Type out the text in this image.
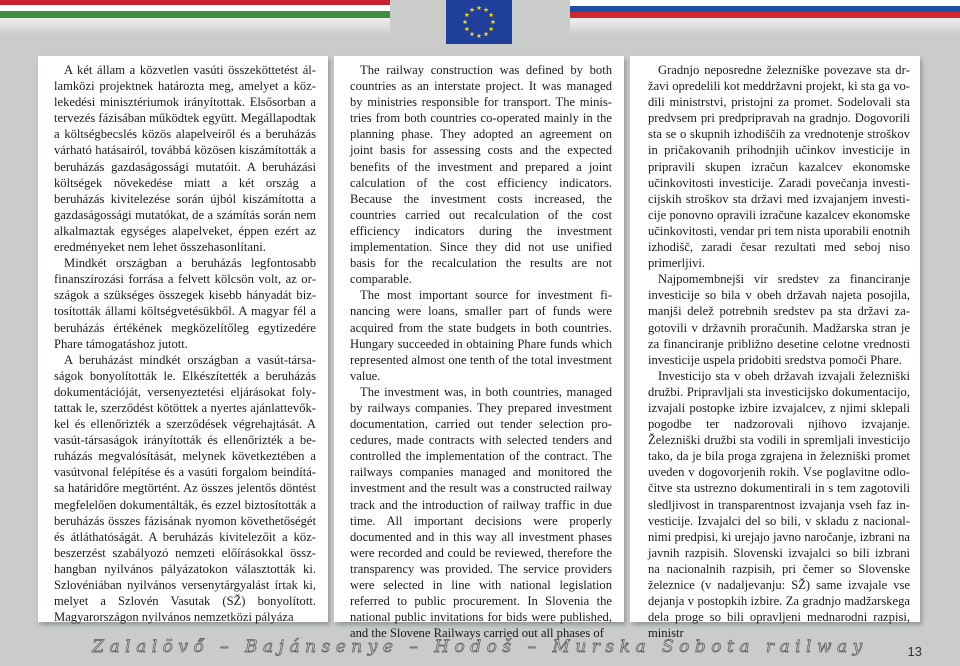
A két állam a közvetlen vasúti összeköttetést államközi projektnek határozta meg, amelyet a közlekedési minisztériumok irányítottak. Elsősorban a tervezés fázisában működtek együtt. Megállapodtak a költségbecslés közös alapelveiről és a beruházás várható hatásairól, továbbá közösen kiszámították a beruházás gazdaságossági mutatóit. A beruházási költségek növekedése miatt a két ország a beruházás kivitelezése során újból kiszámította a gazdaságossági mutatókat, de a számítás során nem alkalmaztak egységes alapelveket, éppen ezért az eredményeket nem lehet összehasonlítani.

Mindkét országban a beruházás legfontosabb finanszírozási forrása a felvett kölcsön volt, az országok a szükséges összegek kisebb hányadát biztosították állami költségvetésükből. A magyar fél a beruházás értékének megközelítőleg egytizedére Phare támogatáshoz jutott.

A beruházást mindkét országban a vasút-társaságok bonyolították le. Elkészítették a beruházás dokumentációját, versenyeztetési eljárásokat folytattak le, szerződést kötöttek a nyertes ajánlattevőkkel és ellenőrizték a szerződések végrehajtását. A vasút-társaságok irányították és ellenőrizték a beruházás megvalósítását, melynek következtében a vasútvonal felépítése és a vasúti forgalom beindítása határidőre megtörtént. Az összes jelentős döntést megfelelően dokumentálták, és ezzel biztosították a beruházás összes fázisának nyomon követhetőségét és átláthatóságát. A beruházás kivitelezőit a közbeszerzést szabályozó nemzeti előírásokkal összhangban nyilvános pályázatokon választották ki. Szlovéniában nyilvános versenytárgyalást írtak ki, melyet a Szlovén Vasutak (SŽ) bonyolított. Magyarországon nyilvános nemzetközi pályáza

The railway construction was defined by both countries as an interstate project. It was managed by ministries responsible for transport. The ministries from both countries co-operated mainly in the planning phase. They adopted an agreement on joint basis for assessing costs and the expected benefits of the investment and prepared a joint calculation of the cost efficiency indicators. Because the investment costs increased, the countries carried out recalculation of the cost efficiency indicators during the investment implementation. Since they did not use unified basis for the recalculation the results are not comparable.

The most important source for investment financing were loans, smaller part of funds were acquired from the state budgets in both countries. Hungary succeeded in obtaining Phare funds which represented almost one tenth of the total investment value.

The investment was, in both countries, managed by railways companies. They prepared investment documentation, carried out tender selection procedures, made contracts with selected tenders and controlled the implementation of the contract. The railways companies managed and monitored the investment and the result was a constructed railway track and the introduction of railway traffic in due time. All important decisions were properly documented and in this way all investment phases were recorded and could be reviewed, therefore the transparency was provided. The service providers were selected in line with national legislation referred to public procurement. In Slovenia the national public invitations for bids were published, and the Slovene Railways carried out all phases of

Gradnjo neposredne železniške povezave sta državi opredelili kot meddržavni projekt, ki sta ga vodili ministrstvi, pristojni za promet. Sodelovali sta predvsem pri predpripravah na gradnjo. Dogovorili sta se o skupnih izhodiščih za vrednotenje stroškov in pričakovanih prihodnjih učinkov investicije in pripravili skupen izračun kazalcev ekonomske učinkovitosti investicije. Zaradi povečanja investicijskih stroškov sta državi med izvajanjem investicije ponovno opravili izračune kazalcev ekonomske učinkovitosti, vendar pri tem nista uporabili enotnih izhodišč, zaradi česar rezultati med seboj niso primerljivi.

Najpomembnejši vir sredstev za financiranje investicije so bila v obeh državah najeta posojila, manjši delež potrebnih sredstev pa sta državi zagotovili v državnih proračunih. Madžarska stran je za financiranje približno desetine celotne vrednosti investicije uspela pridobiti sredstva pomoči Phare.

Investicijo sta v obeh državah izvajali železniški družbi. Pripravljali sta investicijsko dokumentacijo, izvajali postopke izbire izvajalcev, z njimi sklepali pogodbe ter nadzorovali njihovo izvajanje. Železniški družbi sta vodili in spremljali investicijo tako, da je bila proga zgrajena in železniški promet uveden v dogovorjenih rokih. Vse poglavitne odločitve sta ustrezno dokumentirali in s tem zagotovili sledljivost in transparentnost izvajanja vseh faz investicije. Izvajalci del so bili, v skladu z nacionalnimi predpisi, ki urejajo javno naročanje, izbrani na javnih razpisih. Slovenski izvajalci so bili izbrani na nacionalnih razpisih, pri čemer so Slovenske železnice (v nadaljevanju: SŽ) same izvajale vse dejanja v postopkih izbire. Za gradnjo madžarskega dela proge so bili opravljeni mednarodni razpisi, ministr

Zalalövő – Bajánsenye – Hodoš – Murska Sobota railway	13
